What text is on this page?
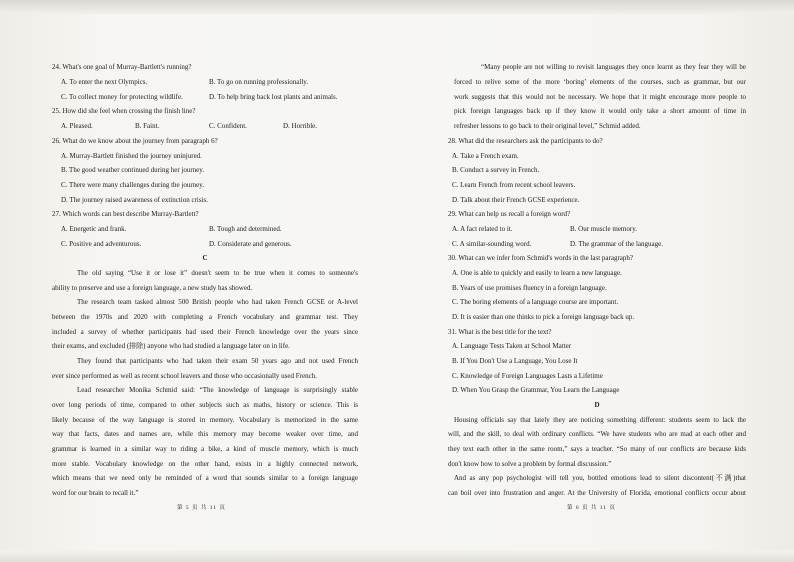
24. What's one goal of Murray-Bartlett's running?
A. To enter the next Olympics.	B. To go on running professionally.
C. To collect money for protecting wildlife.	D. To help bring back lost plants and animals.
25. How did she feel when crossing the finish line?
A. Pleased.	B. Faint.	C. Confident.	D. Horrible.
26. What do we know about the journey from paragraph 6?
A. Murray-Bartlett finished the journey uninjured.
B. The good weather continued during her journey.
C. There were many challenges during the journey.
D. The journey raised awareness of extinction crisis.
27. Which words can best describe Murray-Bartlett?
A. Energetic and frank.	B. Tough and determined.
C. Positive and adventurous.	D. Considerate and generous.
C
The old saying “Use it or lose it” doesn't seem to be true when it comes to someone's
ability to preserve and use a foreign language, a new study has showed.
The research team tasked almost 500 British people who had taken French GCSE or A-level
between the 1970s and 2020 with completing a French vocabulary and grammar test. They
included a survey of whether participants had used their French knowledge over the years since
their exams, and excluded (排除) anyone who had studied a language later on in life.
They found that participants who had taken their exam 50 years ago and not used French
ever since performed as well as recent school leavers and those who occasionally used French.
Lead researcher Monika Schmid said: “The knowledge of language is surprisingly stable
over long periods of time, compared to other subjects such as maths, history or science. This is
likely because of the way language is stored in memory. Vocabulary is memorized in the same
way that facts, dates and names are, while this memory may become weaker over time, and
grammar is learned in a similar way to riding a bike, a kind of muscle memory, which is much
more stable. Vocabulary knowledge on the other hand, exists in a highly connected network,
which means that we need only be reminded of a word that sounds similar to a foreign language
word for our brain to recall it.”
第 5 页 共 11 页
“Many people are not willing to revisit languages they once learnt as they fear they will be
forced to relive some of the more ‘boring’ elements of the courses, such as grammar, but our
work suggests that this would not be necessary. We hope that it might encourage more people to
pick foreign languages back up if they know it would only take a short amount of time in
refresher lessons to go back to their original level,” Schmid added.
28. What did the researchers ask the participants to do?
A. Take a French exam.
B. Conduct a survey in French.
C. Learn French from recent school leavers.
D. Talk about their French GCSE experience.
29. What can help us recall a foreign word?
A. A fact related to it.	B. Our muscle memory.
C. A similar-sounding word.	D. The grammar of the language.
30. What can we infer from Schmid's words in the last paragraph?
A. One is able to quickly and easily to learn a new language.
B. Years of use promises fluency in a foreign language.
C. The boring elements of a language course are important.
D. It is easier than one thinks to pick a foreign language back up.
31. What is the best title for the text?
A. Language Tests Taken at School Matter
B. If You Don't Use a Language, You Lose It
C. Knowledge of Foreign Languages Lasts a Lifetime
D. When You Grasp the Grammar, You Learn the Language
D
Housing officials say that lately they are noticing something different: students seem to lack the
will, and the skill, to deal with ordinary conflicts. “We have students who are mad at each other and
they text each other in the same room,” says a teacher. “So many of our conflicts are because kids
don't know how to solve a problem by formal discussion.”
And as any pop psychologist will tell you, bottled emotions lead to silent discontent(不满)that
can boil over into frustration and anger. At the University of Florida, emotional conflicts occur about
第 6 页 共 11 页
